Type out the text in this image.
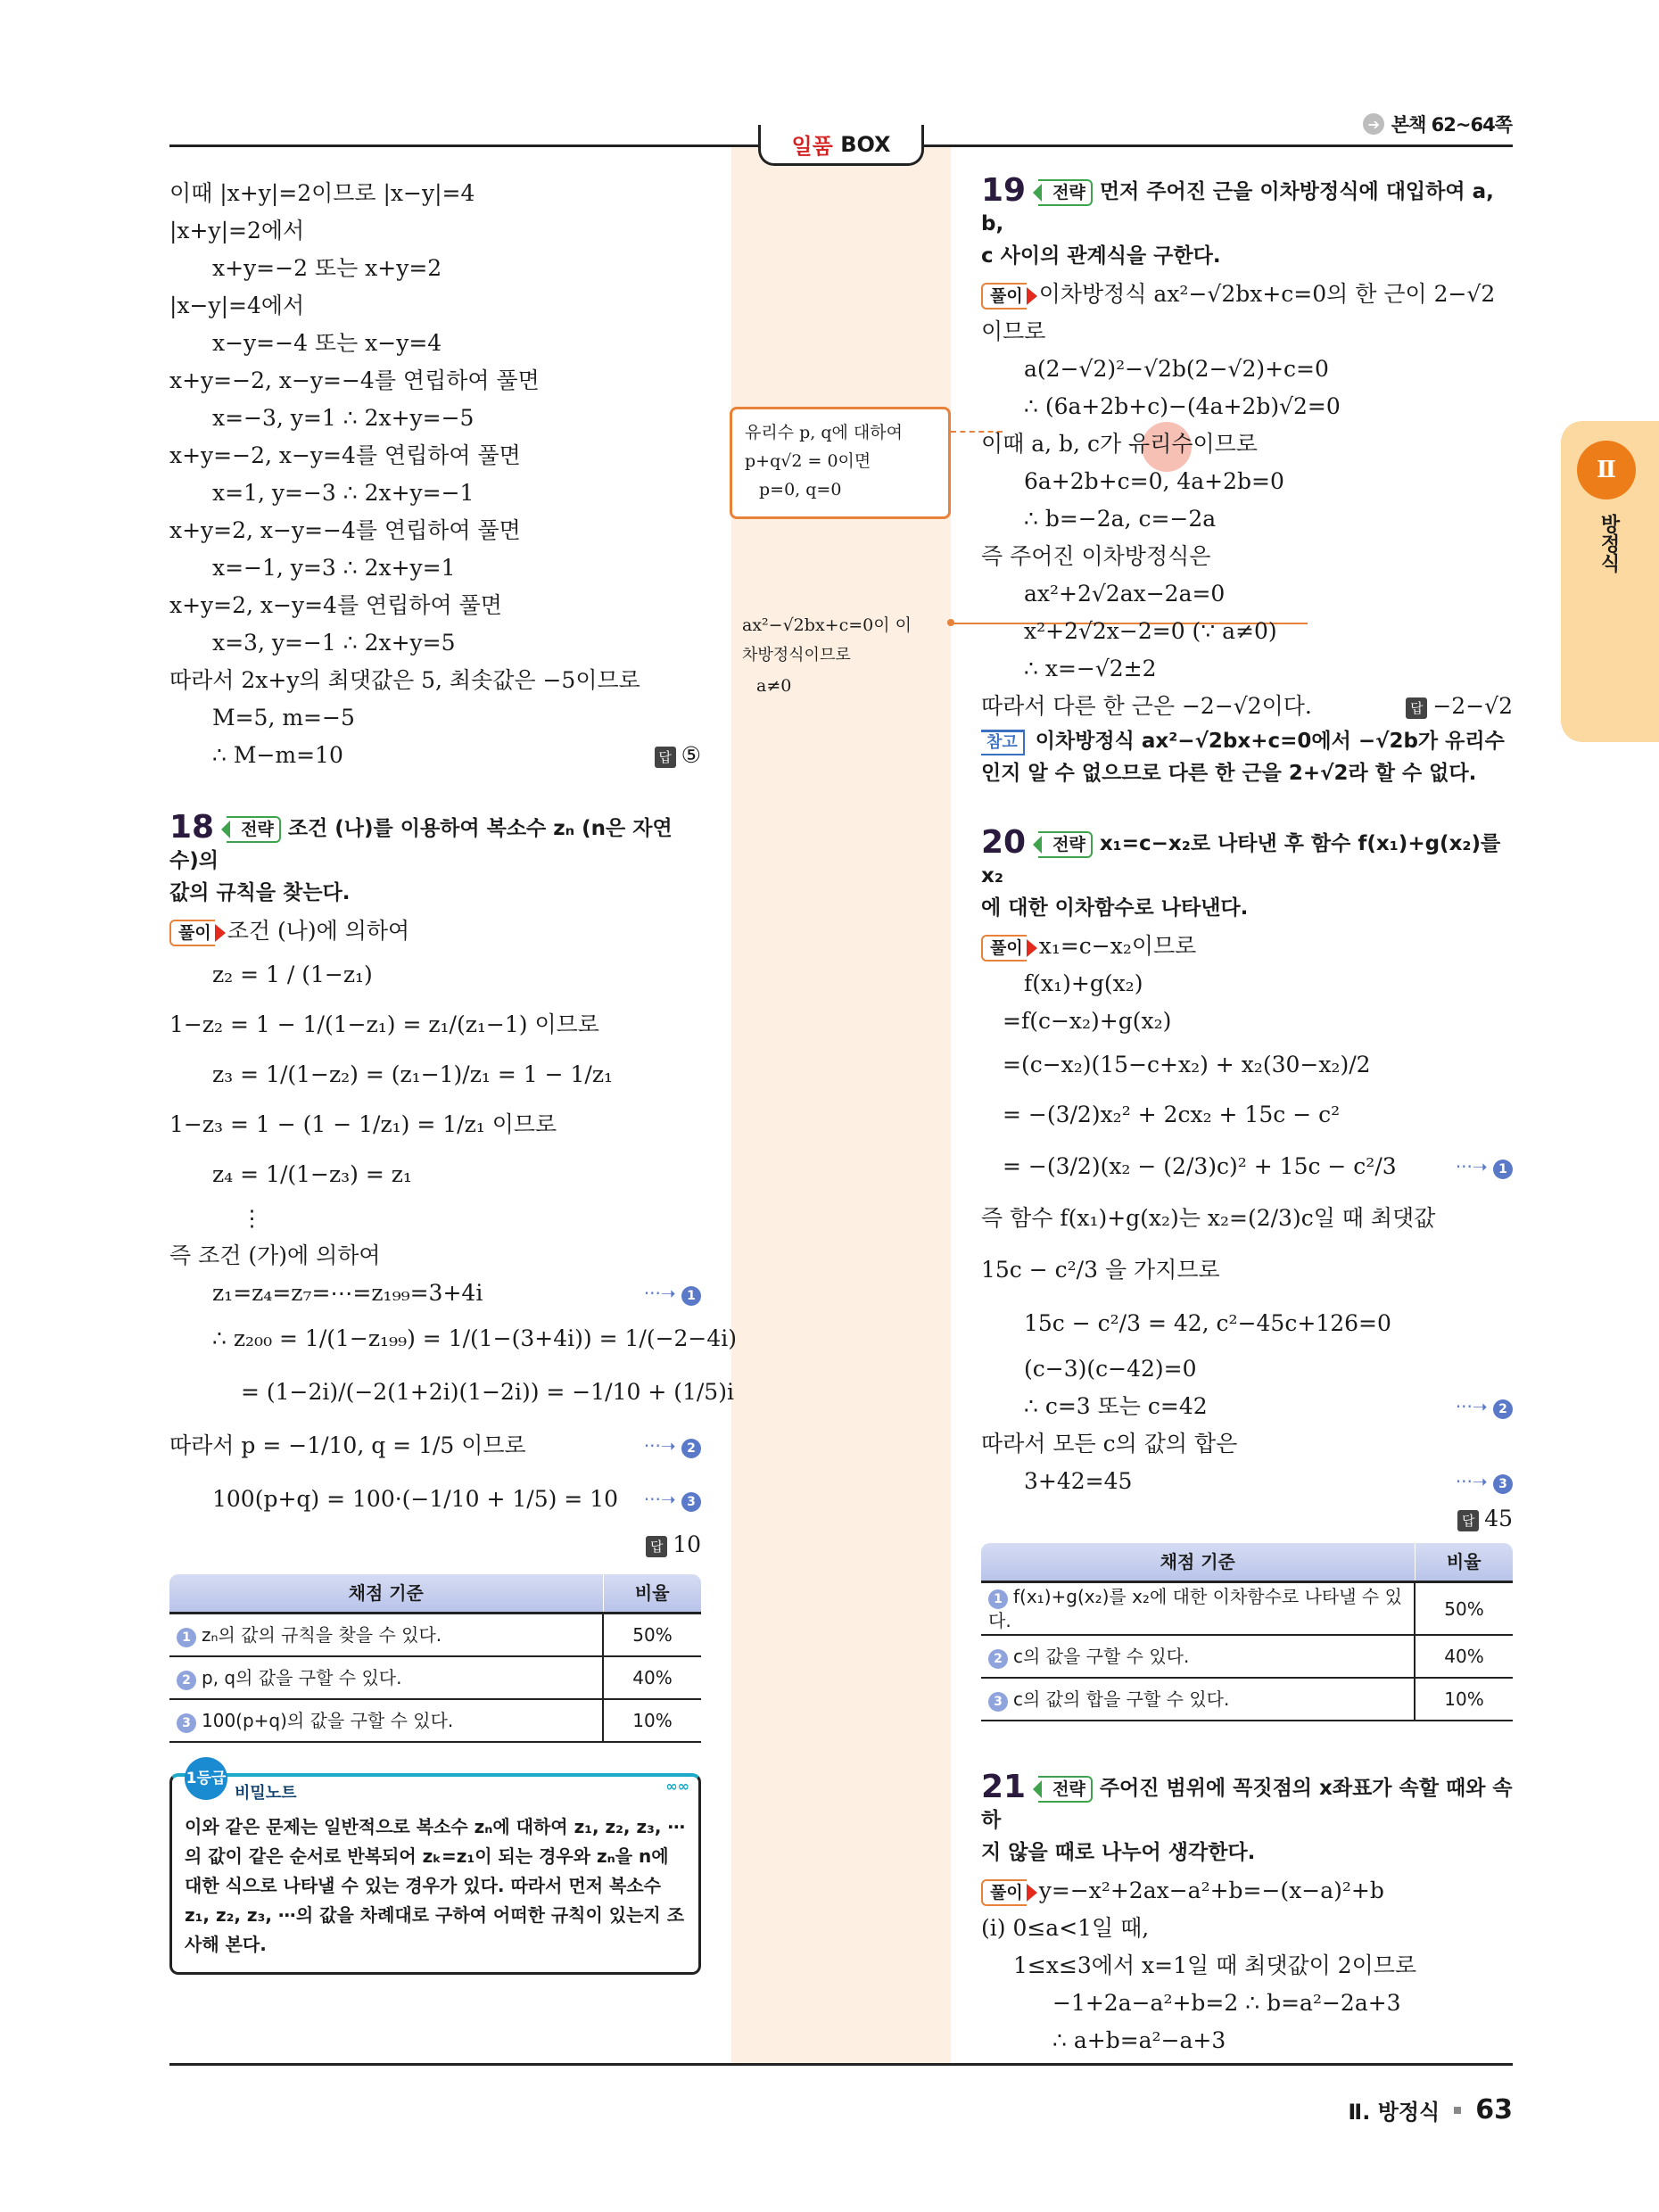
➔ 본책 62~64쪽
일품
BOX
유리수 p, q에 대하여
p+q√2 = 0이면
p=0, q=0
ax²−√2bx+c=0이 이
차방정식이므로
a≠0
이때 |x+y|=2이므로 |x−y|=4
|x+y|=2에서
x+y=−2 또는 x+y=2
|x−y|=4에서
x−y=−4 또는 x−y=4
x+y=−2, x−y=−4를 연립하여 풀면
x=−3, y=1 ∴ 2x+y=−5
x+y=−2, x−y=4를 연립하여 풀면
x=1, y=−3 ∴ 2x+y=−1
x+y=2, x−y=−4를 연립하여 풀면
x=−1, y=3 ∴ 2x+y=1
x+y=2, x−y=4를 연립하여 풀면
x=3, y=−1 ∴ 2x+y=5
따라서 2x+y의 최댓값은 5, 최솟값은 −5이므로
M=5, m=−5
∴ M−m=10	답 ⑤
18 전략 조건 (나)를 이용하여 복소수 zₙ (n은 자연수)의
값의 규칙을 찾는다.
풀이 조건 (나)에 의하여
z₂ = 1 / (1−z₁)
1−z₂ = 1 − 1/(1−z₁) = z₁/(z₁−1) 이므로
z₃ = 1/(1−z₂) = (z₁−1)/z₁ = 1 − 1/z₁
1−z₃ = 1 − (1 − 1/z₁) = 1/z₁ 이므로
z₄ = 1/(1−z₃) = z₁
⋮
즉 조건 (가)에 의하여
z₁=z₄=z₇=⋯=z₁₉₉=3+4i	···➝ 1
∴ z₂₀₀ = 1/(1−z₁₉₉) = 1/(1−(3+4i)) = 1/(−2−4i)
= (1−2i)/(−2(1+2i)(1−2i)) = −1/10 + (1/5)i
따라서 p = −1/10, q = 1/5 이므로	···➝ 2
100(p+q) = 100·(−1/10 + 1/5) = 10 ···➝ 3
답 10
채점 기준	비율
1 zₙ의 값의 규칙을 찾을 수 있다.	50%
2 p, q의 값을 구할 수 있다.	40%
3 100(p+q)의 값을 구할 수 있다.	10%
1등급
비밀노트	∞∞
이와 같은 문제는 일반적으로 복소수 zₙ에 대하여 z₁, z₂, z₃, ⋯의 값이 같은 순서로 반복되어 zₖ=z₁이 되는 경우와 zₙ을 n에 대한 식으로 나타낼 수 있는 경우가 있다. 따라서 먼저 복소수 z₁, z₂, z₃, ⋯의 값을 차례대로 구하여 어떠한 규칙이 있는지 조사해 본다.
19 전략 먼저 주어진 근을 이차방정식에 대입하여 a, b,
c 사이의 관계식을 구한다.
풀이 이차방정식 ax²−√2bx+c=0의 한 근이 2−√2
이므로
a(2−√2)²−√2b(2−√2)+c=0
∴ (6a+2b+c)−(4a+2b)√2=0
이때 a, b, c가 유리수이므로
6a+2b+c=0, 4a+2b=0
∴ b=−2a, c=−2a
즉 주어진 이차방정식은
ax²+2√2ax−2a=0
x²+2√2x−2=0 (∵ a≠0)
∴ x=−√2±2
따라서 다른 한 근은 −2−√2이다.	답 −2−√2
참고 이차방정식 ax²−√2bx+c=0에서 −√2b가 유리수
인지 알 수 없으므로 다른 한 근을 2+√2라 할 수 없다.
20 전략 x₁=c−x₂로 나타낸 후 함수 f(x₁)+g(x₂)를 x₂
에 대한 이차함수로 나타낸다.
풀이 x₁=c−x₂이므로
f(x₁)+g(x₂)
=f(c−x₂)+g(x₂)
=(c−x₂)(15−c+x₂) + x₂(30−x₂)/2
= −(3/2)x₂² + 2cx₂ + 15c − c²
= −(3/2)(x₂ − (2/3)c)² + 15c − c²/3	···➝ 1
즉 함수 f(x₁)+g(x₂)는 x₂=(2/3)c일 때 최댓값
15c − c²/3 을 가지므로
15c − c²/3 = 42, c²−45c+126=0
(c−3)(c−42)=0
∴ c=3 또는 c=42	···➝ 2
따라서 모든 c의 값의 합은
3+42=45	···➝ 3
답 45
채점 기준	비율
1 f(x₁)+g(x₂)를 x₂에 대한 이차함수로 나타낼 수 있다.	50%
2 c의 값을 구할 수 있다.	40%
3 c의 값의 합을 구할 수 있다.	10%
21 전략 주어진 범위에 꼭짓점의 x좌표가 속할 때와 속하
지 않을 때로 나누어 생각한다.
풀이 y=−x²+2ax−a²+b=−(x−a)²+b
(i) 0≤a<1일 때,
1≤x≤3에서 x=1일 때 최댓값이 2이므로
−1+2a−a²+b=2 ∴ b=a²−2a+3
∴ a+b=a²−a+3
Ⅱ
방정식
Ⅱ. 방정식 63
